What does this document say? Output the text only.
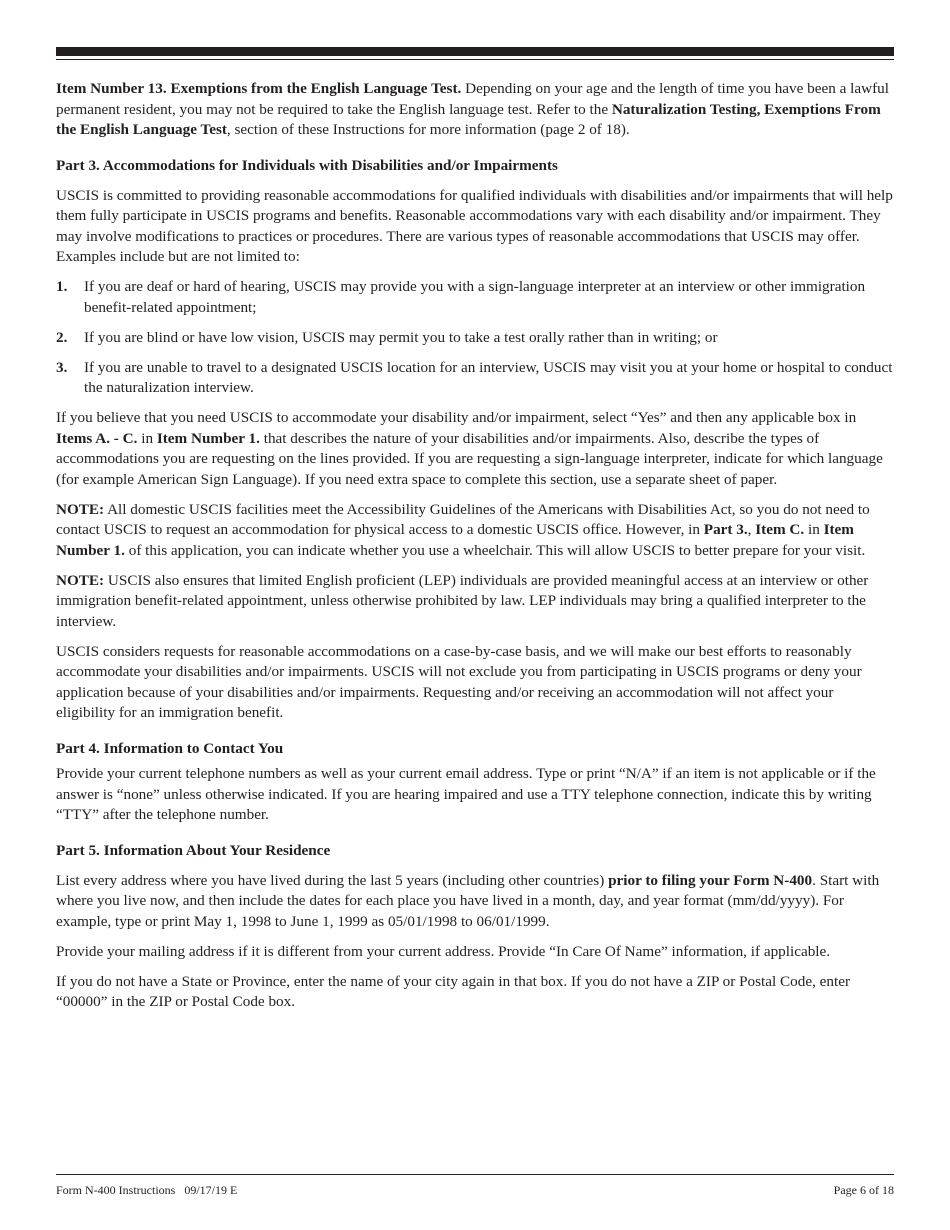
Item Number 13. Exemptions from the English Language Test. Depending on your age and the length of time you have been a lawful permanent resident, you may not be required to take the English language test. Refer to the Naturalization Testing, Exemptions From the English Language Test, section of these Instructions for more information (page 2 of 18).

Part 3. Accommodations for Individuals with Disabilities and/or Impairments

USCIS is committed to providing reasonable accommodations for qualified individuals with disabilities and/or impairments that will help them fully participate in USCIS programs and benefits. Reasonable accommodations vary with each disability and/or impairment. They may involve modifications to practices or procedures. There are various types of reasonable accommodations that USCIS may offer. Examples include but are not limited to:

1. If you are deaf or hard of hearing, USCIS may provide you with a sign-language interpreter at an interview or other immigration benefit-related appointment;
2. If you are blind or have low vision, USCIS may permit you to take a test orally rather than in writing; or
3. If you are unable to travel to a designated USCIS location for an interview, USCIS may visit you at your home or hospital to conduct the naturalization interview.

If you believe that you need USCIS to accommodate your disability and/or impairment, select “Yes” and then any applicable box in Items A. - C. in Item Number 1. that describes the nature of your disabilities and/or impairments. Also, describe the types of accommodations you are requesting on the lines provided. If you are requesting a sign-language interpreter, indicate for which language (for example American Sign Language). If you need extra space to complete this section, use a separate sheet of paper.

NOTE: All domestic USCIS facilities meet the Accessibility Guidelines of the Americans with Disabilities Act, so you do not need to contact USCIS to request an accommodation for physical access to a domestic USCIS office. However, in Part 3., Item C. in Item Number 1. of this application, you can indicate whether you use a wheelchair. This will allow USCIS to better prepare for your visit.

NOTE: USCIS also ensures that limited English proficient (LEP) individuals are provided meaningful access at an interview or other immigration benefit-related appointment, unless otherwise prohibited by law. LEP individuals may bring a qualified interpreter to the interview.

USCIS considers requests for reasonable accommodations on a case-by-case basis, and we will make our best efforts to reasonably accommodate your disabilities and/or impairments. USCIS will not exclude you from participating in USCIS programs or deny your application because of your disabilities and/or impairments. Requesting and/or receiving an accommodation will not affect your eligibility for an immigration benefit.

Part 4. Information to Contact You

Provide your current telephone numbers as well as your current email address. Type or print “N/A” if an item is not applicable or if the answer is “none” unless otherwise indicated. If you are hearing impaired and use a TTY telephone connection, indicate this by writing “TTY” after the telephone number.

Part 5. Information About Your Residence

List every address where you have lived during the last 5 years (including other countries) prior to filing your Form N-400. Start with where you live now, and then include the dates for each place you have lived in a month, day, and year format (mm/dd/yyyy). For example, type or print May 1, 1998 to June 1, 1999 as 05/01/1998 to 06/01/1999.

Provide your mailing address if it is different from your current address. Provide “In Care Of Name” information, if applicable.

If you do not have a State or Province, enter the name of your city again in that box. If you do not have a ZIP or Postal Code, enter “00000” in the ZIP or Postal Code box.

Form N-400 Instructions   09/17/19 E	Page 6 of 18
